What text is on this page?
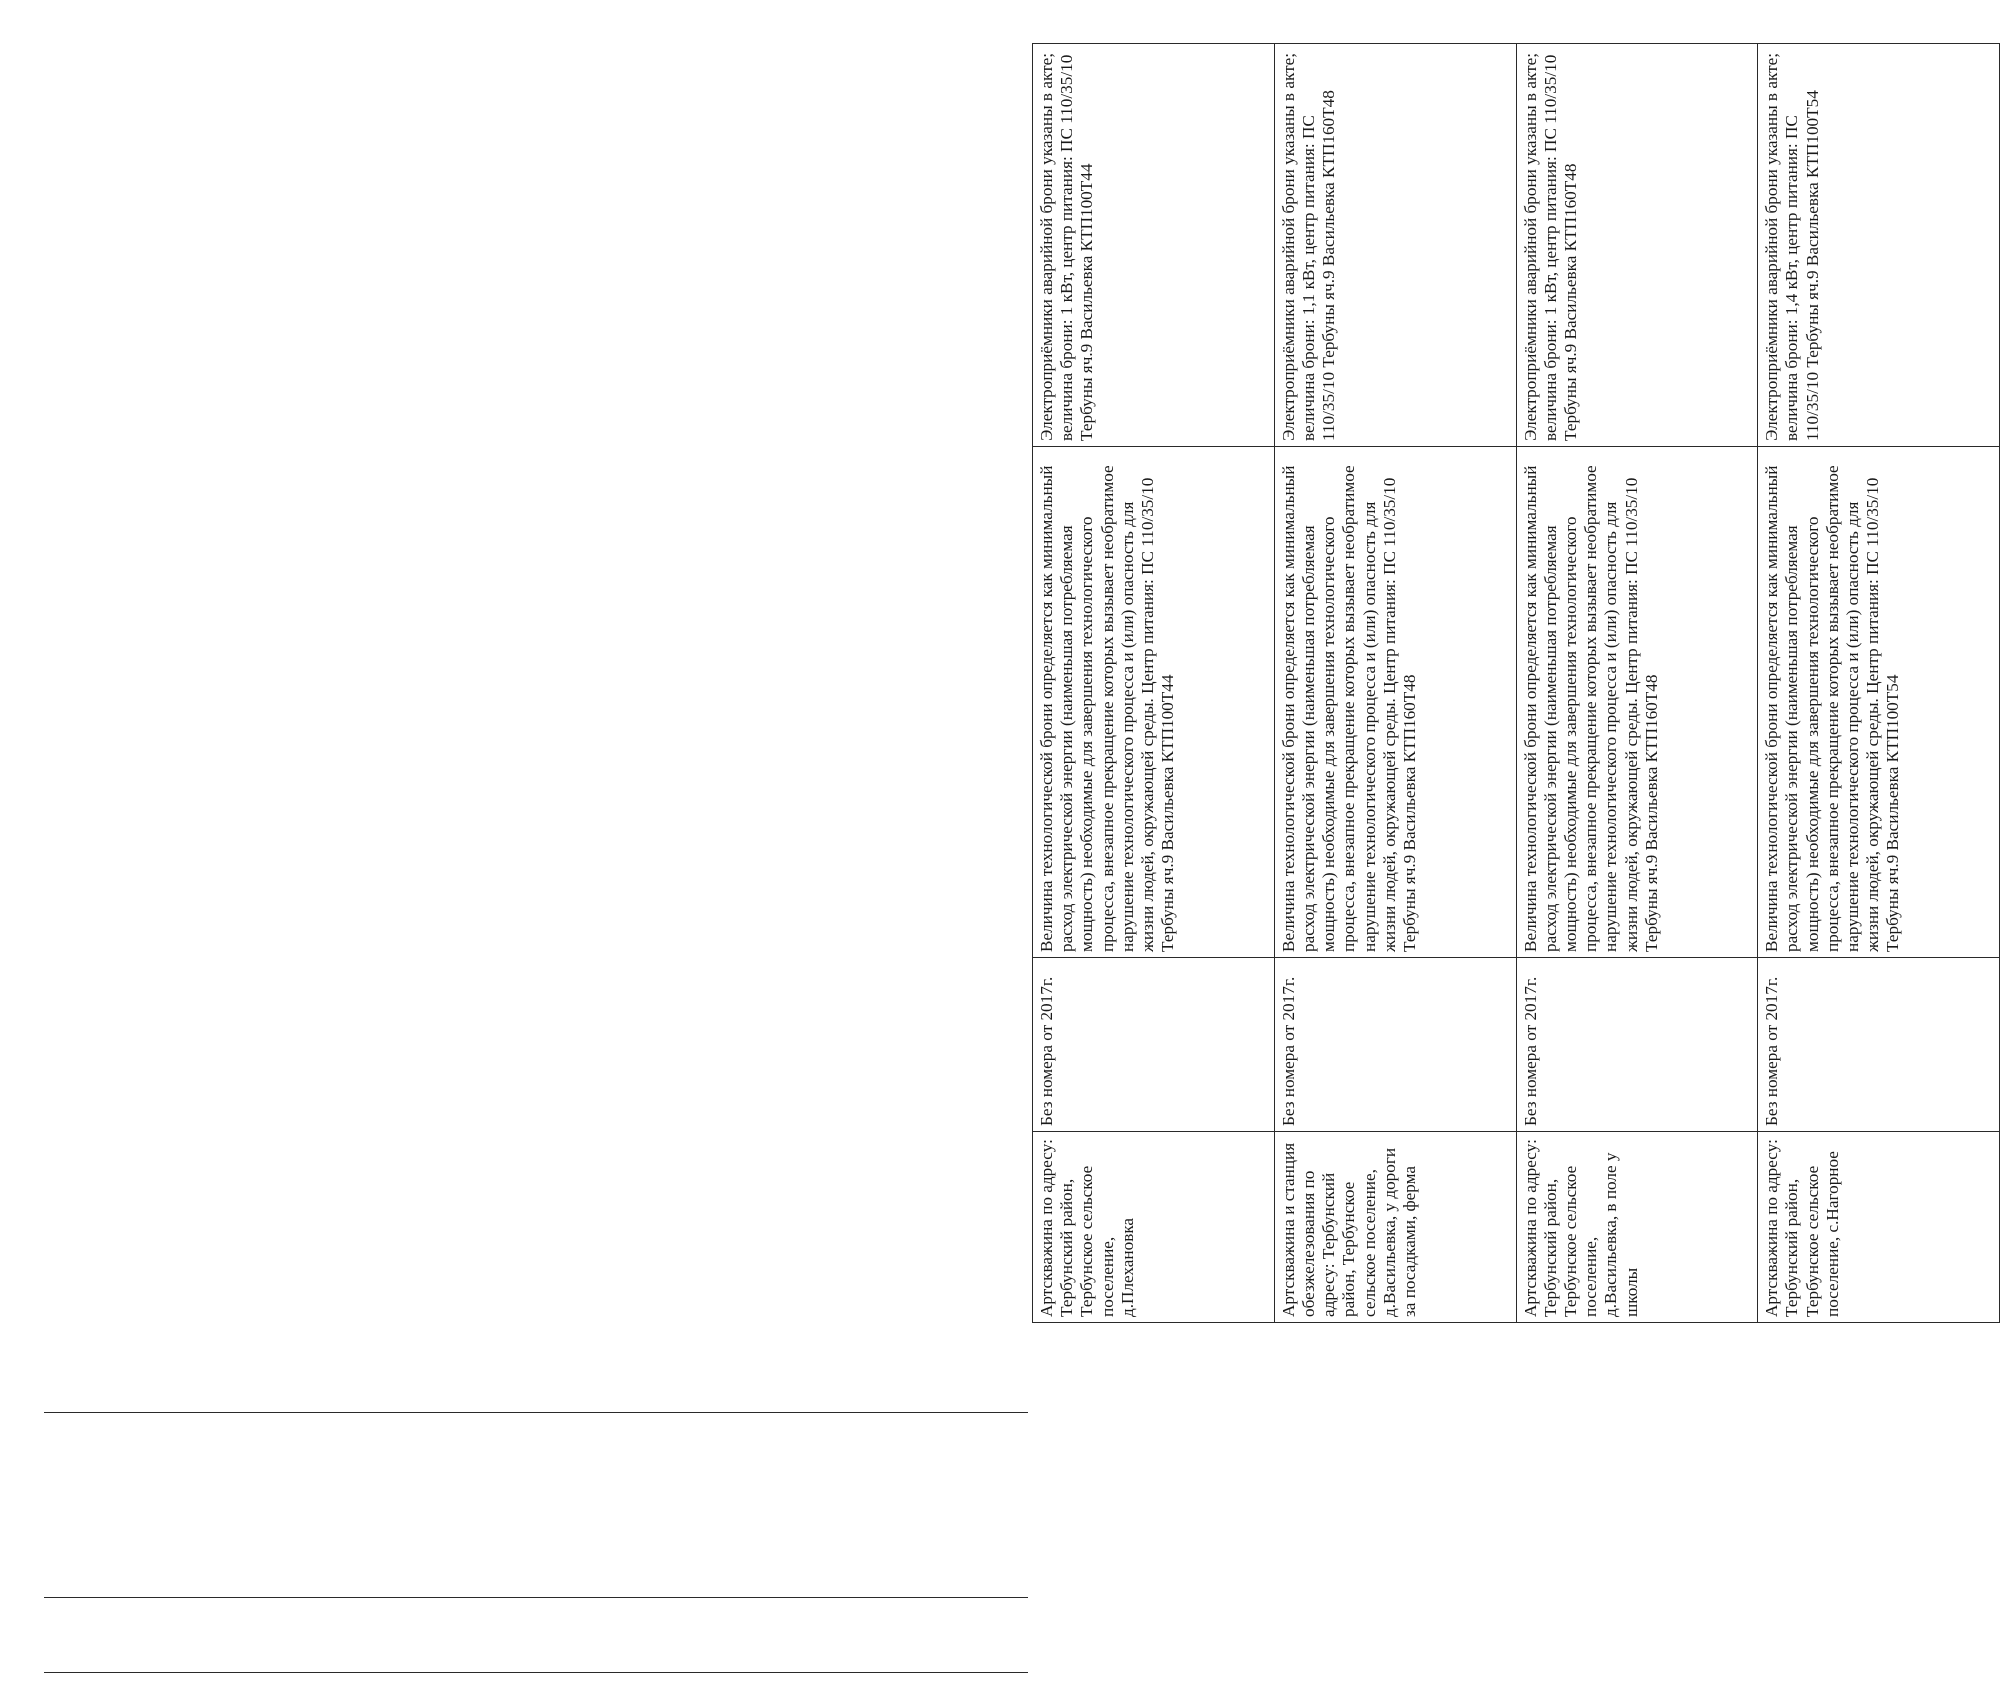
Артскважина по адресу: Тербунский район, Тербунское сельское поселение, д.Плехановка	Без номера от 2017г.	Величина технологической брони определяется как минимальный расход электрической энергии (наименьшая потребляемая мощность) необходимые для завершения технологического процесса, внезапное прекращение которых вызывает необратимое нарушение технологического процесса и (или) опасность для жизни людей, окружающей среды. Центр питания: ПС 110/35/10 Тербуны яч.9 Васильевка КТП100Т44	Электроприёмники аварийной брони указаны в акте; величина брони: 1 кВт, центр питания: ПС 110/35/10 Тербуны яч.9 Васильевка КТП100Т44

Артскважина и станция обезжелезования по адресу: Тербунский район, Тербунское сельское поселение, д.Васильевка, у дороги за посадками, ферма	Без номера от 2017г.	Величина технологической брони определяется как минимальный расход электрической энергии (наименьшая потребляемая мощность) необходимые для завершения технологического процесса, внезапное прекращение которых вызывает необратимое нарушение технологического процесса и (или) опасность для жизни людей, окружающей среды. Центр питания: ПС 110/35/10 Тербуны яч.9 Васильевка КТП160Т48	Электроприёмники аварийной брони указаны в акте; величина брони: 1,1 кВт, центр питания: ПС 110/35/10 Тербуны яч.9 Васильевка КТП160Т48

Артскважина по адресу: Тербунский район, Тербунское сельское поселение, д.Васильевка, в поле у школы	Без номера от 2017г.	Величина технологической брони определяется как минимальный расход электрической энергии (наименьшая потребляемая мощность) необходимые для завершения технологического процесса, внезапное прекращение которых вызывает необратимое нарушение технологического процесса и (или) опасность для жизни людей, окружающей среды. Центр питания: ПС 110/35/10 Тербуны яч.9 Васильевка КТП160Т48	Электроприёмники аварийной брони указаны в акте; величина брони: 1 кВт, центр питания: ПС 110/35/10 Тербуны яч.9 Васильевка КТП160Т48

Артскважина по адресу: Тербунский район, Тербунское сельское поселение, с.Нагорное	Без номера от 2017г.	Величина технологической брони определяется как минимальный расход электрической энергии (наименьшая потребляемая мощность) необходимые для завершения технологического процесса, внезапное прекращение которых вызывает необратимое нарушение технологического процесса и (или) опасность для жизни людей, окружающей среды. Центр питания: ПС 110/35/10 Тербуны яч.9 Васильевка КТП100Т54	Электроприёмники аварийной брони указаны в акте; величина брони: 1,4 кВт, центр питания: ПС 110/35/10 Тербуны яч.9 Васильевка КТП100Т54
